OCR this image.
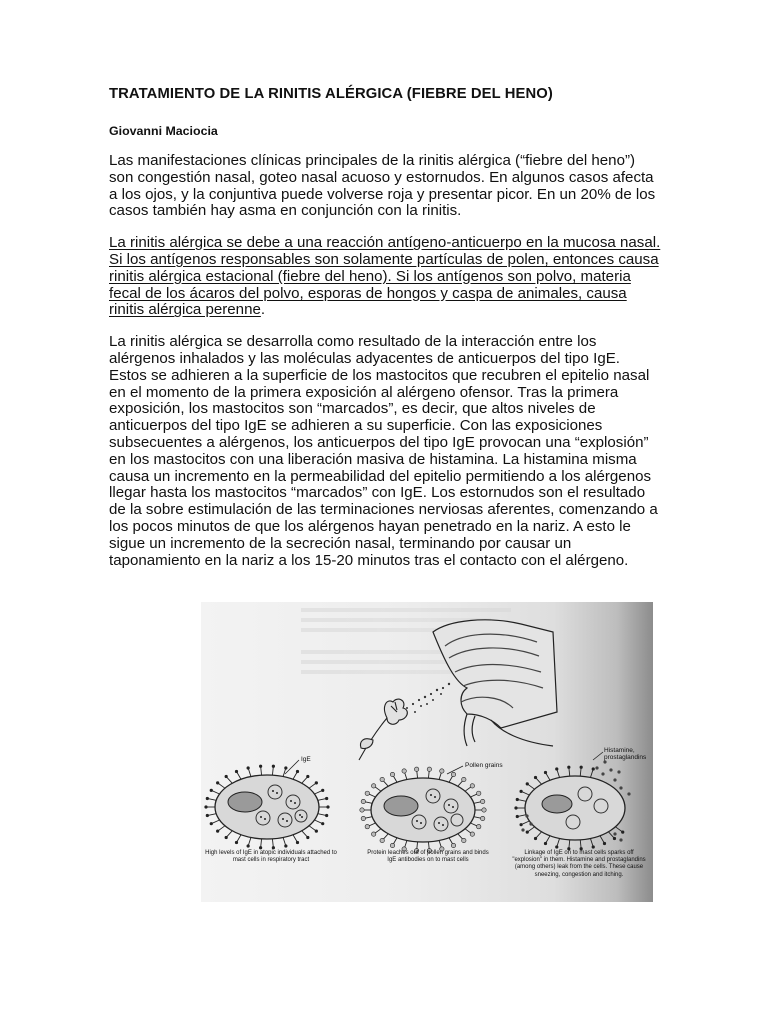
TRATAMIENTO DE LA RINITIS ALÉRGICA (FIEBRE DEL HENO)
Giovanni Maciocia

Las manifestaciones clínicas principales de la rinitis alérgica (“fiebre del heno”) son congestión nasal, goteo nasal acuoso y estornudos. En algunos casos afecta a los ojos, y la conjuntiva puede volverse roja y presentar picor. En un 20% de los casos también hay asma en conjunción con la rinitis.

La rinitis alérgica se debe a una reacción antígeno-anticuerpo en la mucosa nasal. Si los antígenos responsables son solamente partículas de polen, entonces causa rinitis alérgica estacional (fiebre del heno). Si los antígenos son polvo, materia fecal de los ácaros del polvo, esporas de hongos y caspa de animales, causa rinitis alérgica perenne.

La rinitis alérgica se desarrolla como resultado de la interacción entre los alérgenos inhalados y las moléculas adyacentes de anticuerpos del tipo IgE. Estos se adhieren a la superficie de los mastocitos que recubren el epitelio nasal en el momento de la primera exposición al alérgeno ofensor. Tras la primera exposición, los mastocitos son “marcados”, es decir, que altos niveles de anticuerpos del tipo IgE se adhieren a su superficie. Con las exposiciones subsecuentes a alérgenos, los anticuerpos del tipo IgE provocan una “explosión” en los mastocitos con una liberación masiva de histamina. La histamina misma causa un incremento en la permeabilidad del epitelio permitiendo a los alérgenos llegar hasta los mastocitos “marcados” con IgE. Los estornudos son el resultado de la sobre estimulación de las terminaciones nerviosas aferentes, comenzando a los pocos minutos de que los alérgenos hayan penetrado en la nariz. A esto le sigue un incremento de la secreción nasal, terminando por causar un taponamiento en la nariz a los 15-20 minutos tras el contacto con el alérgeno.

IgE
Pollen grains
Histamine, prostaglandins
High levels of IgE in atopic individuals attached to mast cells in respiratory tract
Protein leaches out of pollen grains and binds IgE antibodies on to mast cells
Linkage of IgE on to mast cells sparks off "explosion" in them. Histamine and prostaglandins (among others) leak from the cells. These cause sneezing, congestion and itching.
